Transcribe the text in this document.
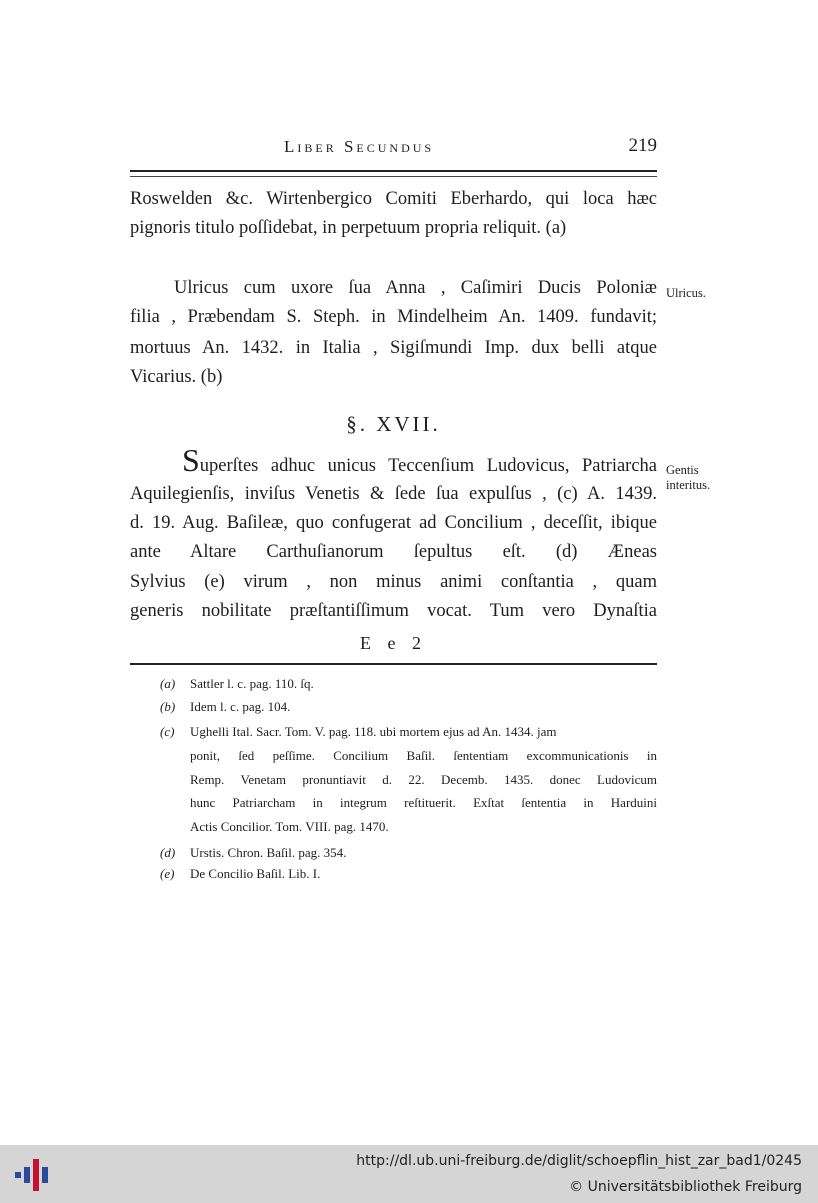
Liber Secundus	219
Roswelden &c. Wirtenbergico Comiti Eberhardo, qui loca hæc
pignoris titulo poſſidebat, in perpetuum propria reliquit. (a)
Ulricus cum uxore ſua Anna , Caſimiri Ducis Poloniæ
filia , Præbendam S. Steph. in Mindelheim An. 1409. fundavit;
mortuus An. 1432. in Italia , Sigiſmundi Imp. dux belli atque
Vicarius. (b)
Ulricus.
§. XVII.
Superſtes adhuc unicus Teccenſium Ludovicus, Patriarcha
Aquilegienſis, inviſus Venetis & ſede ſua expulſus , (c) A. 1439.
d. 19. Aug. Baſileæ, quo confugerat ad Concilium , deceſſit, ibique
ante Altare Carthuſianorum ſepultus eſt. (d) Æneas
Sylvius (e) virum , non minus animi conſtantia , quam
generis nobilitate præſtantiſſimum vocat. Tum vero Dynaſtia
Gentis
interitus.
E e 2
(a) Sattler l. c. pag. 110. ſq.
(b) Idem l. c. pag. 104.
(c) Ughelli Ital. Sacr. Tom. V. pag. 118. ubi mortem ejus ad An. 1434. jam
ponit, ſed peſſime. Concilium Baſil. ſententiam excommunicationis in
Remp. Venetam pronuntiavit d. 22. Decemb. 1435. donec Ludovicum
hunc Patriarcham in integrum reſtituerit. Exſtat ſententia in Harduini
Actis Concilior. Tom. VIII. pag. 1470.
(d) Urstis. Chron. Baſil. pag. 354.
(e) De Concilio Baſil. Lib. I.
http://dl.ub.uni-freiburg.de/diglit/schoepflin_hist_zar_bad1/0245
© Universitätsbibliothek Freiburg
